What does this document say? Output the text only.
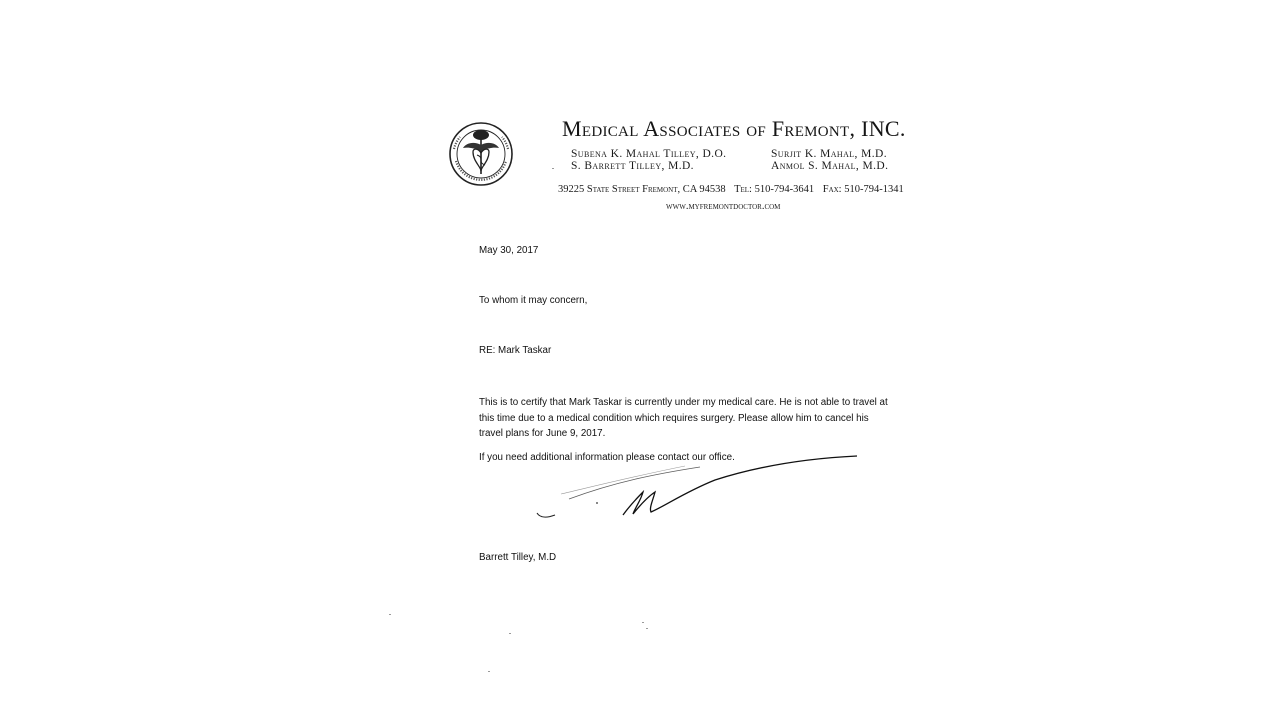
Medical Associates of Fremont, INC.
Subena K. Mahal Tilley, D.O.
S. Barrett Tilley, M.D.
Surjit K. Mahal, M.D.
Anmol S. Mahal, M.D.
39225 State Street Fremont, CA 94538 Tel: 510-794-3641 Fax: 510-794-1341
www.myfremontdoctor.com
May 30, 2017
To whom it may concern,
RE: Mark Taskar
This is to certify that Mark Taskar is currently under my medical care. He is not able to travel at
this time due to a medical condition which requires surgery. Please allow him to cancel his
travel plans for June 9, 2017.
If you need additional information please contact our office.
Barrett Tilley, M.D
